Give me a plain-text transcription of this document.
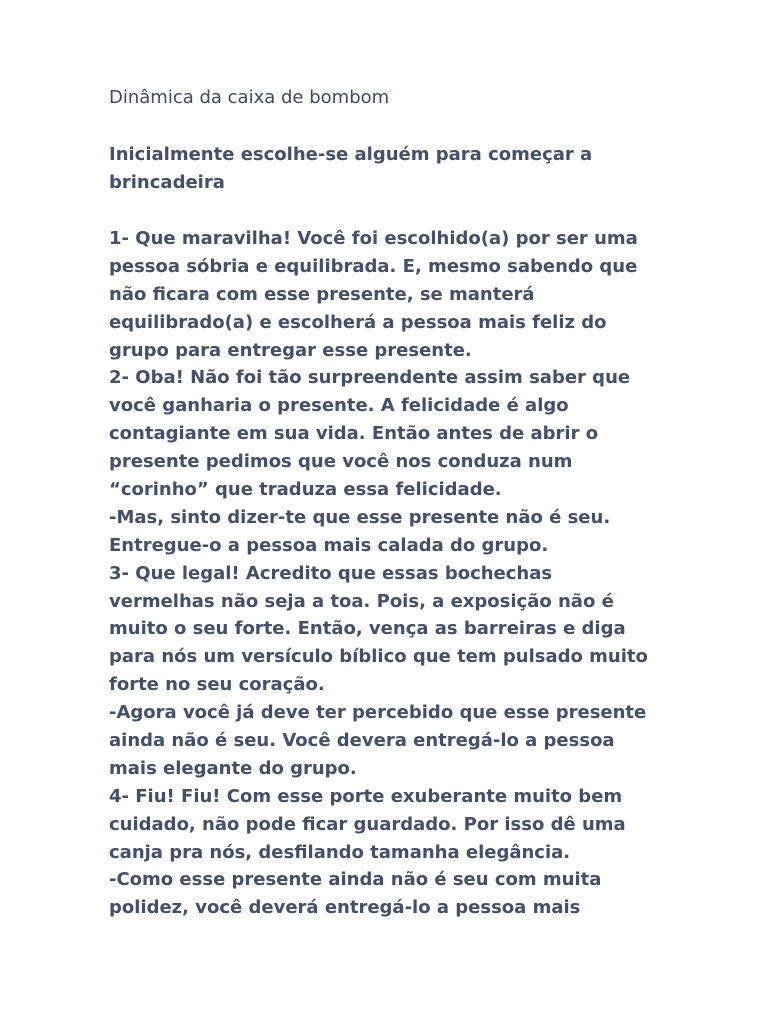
Dinâmica da caixa de bombom
Inicialmente escolhe-se alguém para começar a
brincadeira
1- Que maravilha! Você foi escolhido(a) por ser uma
pessoa sóbria e equilibrada. E, mesmo sabendo que
não ficara com esse presente, se manterá
equilibrado(a) e escolherá a pessoa mais feliz do
grupo para entregar esse presente.
2- Oba! Não foi tão surpreendente assim saber que
você ganharia o presente. A felicidade é algo
contagiante em sua vida. Então antes de abrir o
presente pedimos que você nos conduza num
“corinho” que traduza essa felicidade.
-Mas, sinto dizer-te que esse presente não é seu.
Entregue-o a pessoa mais calada do grupo.
3- Que legal! Acredito que essas bochechas
vermelhas não seja a toa. Pois, a exposição não é
muito o seu forte. Então, vença as barreiras e diga
para nós um versículo bíblico que tem pulsado muito
forte no seu coração.
-Agora você já deve ter percebido que esse presente
ainda não é seu. Você devera entregá-lo a pessoa
mais elegante do grupo.
4- Fiu! Fiu! Com esse porte exuberante muito bem
cuidado, não pode ficar guardado. Por isso dê uma
canja pra nós, desfilando tamanha elegância.
-Como esse presente ainda não é seu com muita
polidez, você deverá entregá-lo a pessoa mais
